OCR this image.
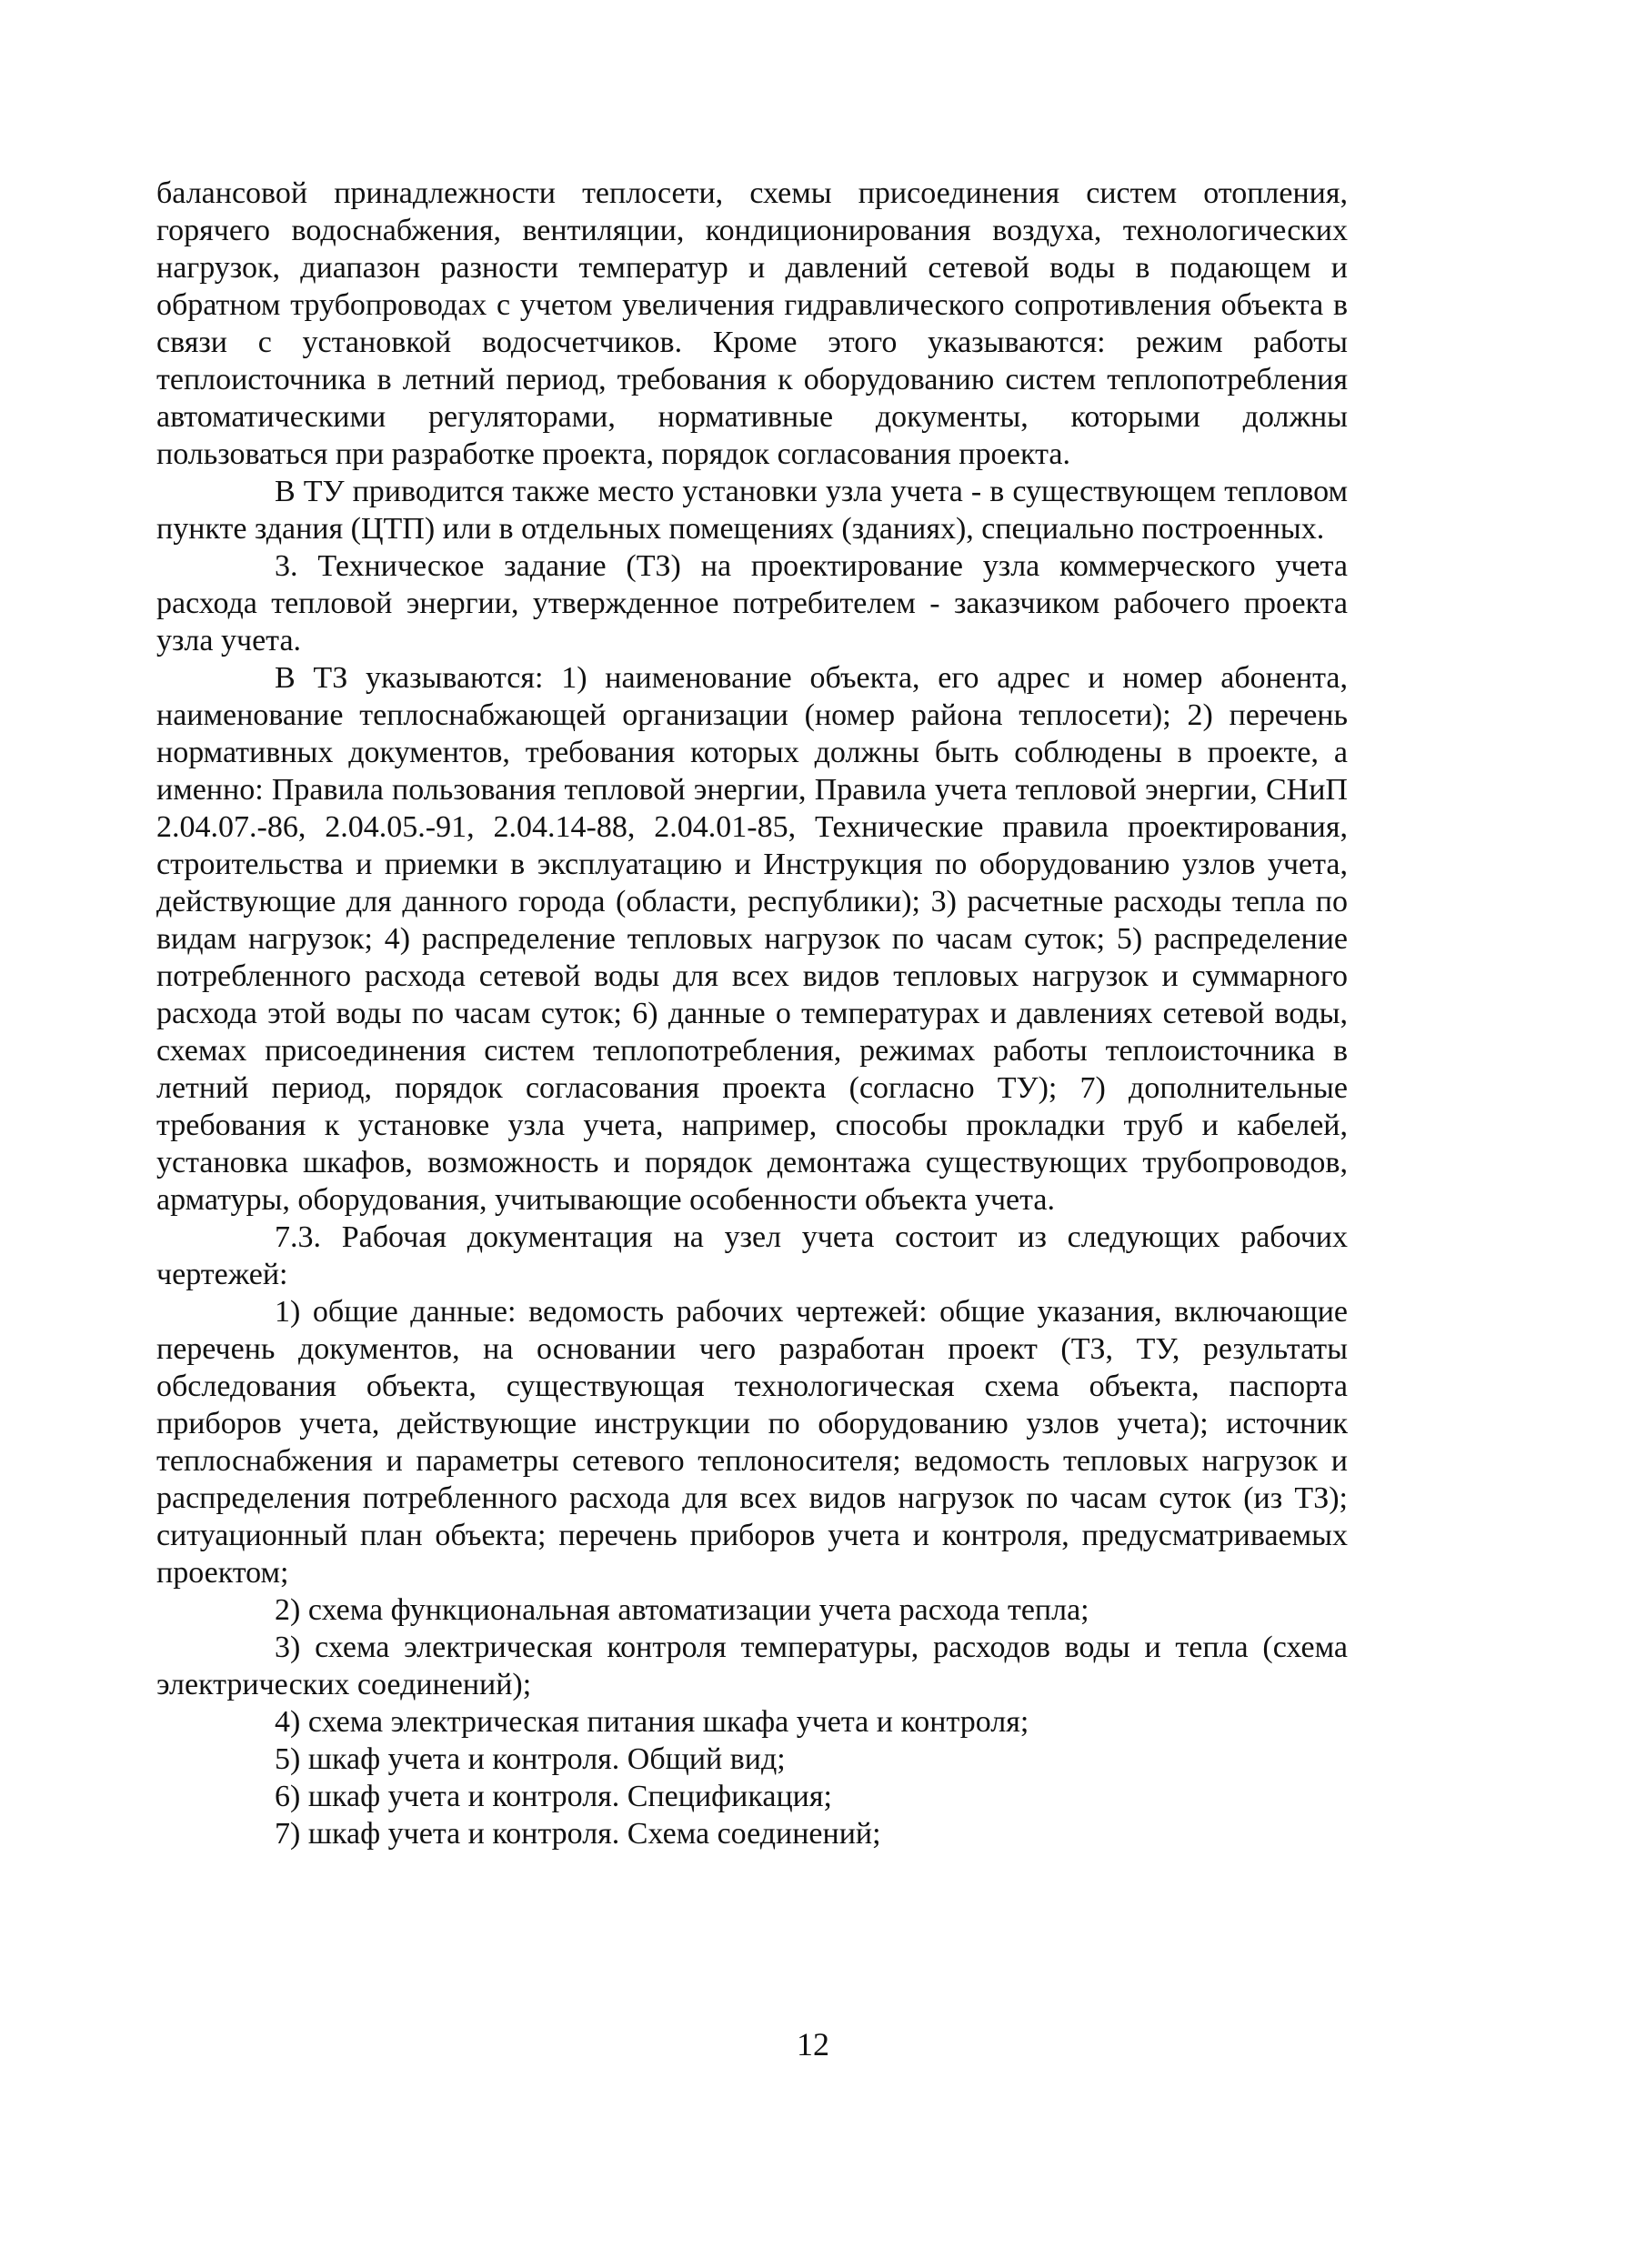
балансовой принадлежности теплосети, схемы присоединения систем отопления, горячего водоснабжения, вентиляции, кондиционирования воздуха, технологических нагрузок, диапазон разности температур и давлений сетевой воды в подающем и обратном трубопроводах с учетом увеличения гидравлического сопротивления объекта в связи с установкой водосчетчиков. Кроме этого указываются: режим работы теплоисточника в летний период, требования к оборудованию систем теплопотребления автоматическими регуляторами, нормативные документы, которыми должны пользоваться при разработке проекта, порядок согласования проекта.

В ТУ приводится также место установки узла учета - в существующем тепловом пункте здания (ЦТП) или в отдельных помещениях (зданиях), специально построенных.

3. Техническое задание (ТЗ) на проектирование узла коммерческого учета расхода тепловой энергии, утвержденное потребителем - заказчиком рабочего проекта узла учета.

В ТЗ указываются: 1) наименование объекта, его адрес и номер абонента, наименование теплоснабжающей организации (номер района теплосети); 2) перечень нормативных документов, требования которых должны быть соблюдены в проекте, а именно: Правила пользования тепловой энергии, Правила учета тепловой энергии, СНиП 2.04.07.-86, 2.04.05.-91, 2.04.14-88, 2.04.01-85, Технические правила проектирования, строительства и приемки в эксплуатацию и Инструкция по оборудованию узлов учета, действующие для данного города (области, республики); 3) расчетные расходы тепла по видам нагрузок; 4) распределение тепловых нагрузок по часам суток; 5) распределение потребленного расхода сетевой воды для всех видов тепловых нагрузок и суммарного расхода этой воды по часам суток; 6) данные о температурах и давлениях сетевой воды, схемах присоединения систем теплопотребления, режимах работы теплоисточника в летний период, порядок согласования проекта (согласно ТУ); 7) дополнительные требования к установке узла учета, например, способы прокладки труб и кабелей, установка шкафов, возможность и порядок демонтажа существующих трубопроводов, арматуры, оборудования, учитывающие особенности объекта учета.

7.3. Рабочая документация на узел учета состоит из следующих рабочих чертежей:

1) общие данные: ведомость рабочих чертежей: общие указания, включающие перечень документов, на основании чего разработан проект (ТЗ, ТУ, результаты обследования объекта, существующая технологическая схема объекта, паспорта приборов учета, действующие инструкции по оборудованию узлов учета); источник теплоснабжения и параметры сетевого теплоносителя; ведомость тепловых нагрузок и распределения потребленного расхода для всех видов нагрузок по часам суток (из ТЗ); ситуационный план объекта; перечень приборов учета и контроля, предусматриваемых проектом;

2) схема функциональная автоматизации учета расхода тепла;

3) схема электрическая контроля температуры, расходов воды и тепла (схема электрических соединений);

4) схема электрическая питания шкафа учета и контроля;

5) шкаф учета и контроля. Общий вид;

6) шкаф учета и контроля. Спецификация;

7) шкаф учета и контроля. Схема соединений;

12
